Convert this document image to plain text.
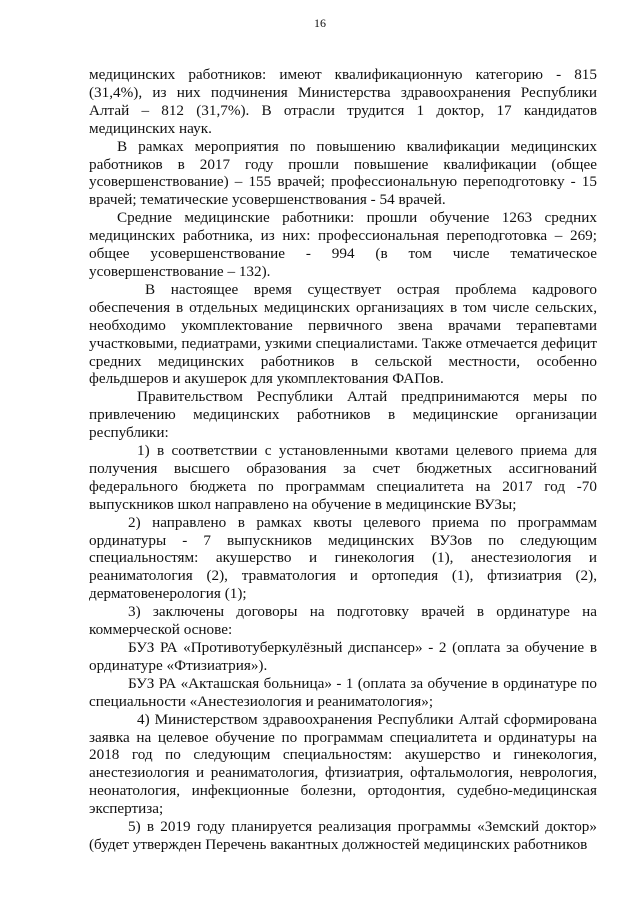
16

медицинских работников: имеют квалификационную категорию - 815 (31,4%), из них подчинения Министерства здравоохранения Республики Алтай – 812 (31,7%). В отрасли трудится 1 доктор, 17 кандидатов медицинских наук.

В рамках мероприятия по повышению квалификации медицинских работников в 2017 году прошли повышение квалификации (общее усовершенствование) – 155 врачей; профессиональную переподготовку - 15 врачей; тематические усовершенствования - 54 врачей.

Средние медицинские работники: прошли обучение 1263 средних медицинских работника, из них: профессиональная переподготовка – 269; общее усовершенствование - 994 (в том числе тематическое усовершенствование – 132).

В настоящее время существует острая проблема кадрового обеспечения в отдельных медицинских организациях в том числе сельских, необходимо укомплектование первичного звена врачами терапевтами участковыми, педиатрами, узкими специалистами. Также отмечается дефицит средних медицинских работников в сельской местности, особенно фельдшеров и акушерок для укомплектования ФАПов.

Правительством Республики Алтай предпринимаются меры по привлечению медицинских работников в медицинские организации республики:

1) в соответствии с установленными квотами целевого приема для получения высшего образования за счет бюджетных ассигнований федерального бюджета по программам специалитета на 2017 год -70 выпускников школ направлено на обучение в медицинские ВУЗы;

2) направлено в рамках квоты целевого приема по программам ординатуры - 7 выпускников медицинских ВУЗов по следующим специальностям: акушерство и гинекология (1), анестезиология и реаниматология (2), травматология и ортопедия (1), фтизиатрия (2), дерматовенерология (1);

3) заключены договоры на подготовку врачей в ординатуре на коммерческой основе:

БУЗ РА «Противотуберкулёзный диспансер» - 2 (оплата за обучение в ординатуре «Фтизиатрия»).

БУЗ РА «Акташская больница» - 1 (оплата за обучение в ординатуре по специальности «Анестезиология и реаниматология»;

4) Министерством здравоохранения Республики Алтай сформирована заявка на целевое обучение по программам специалитета и ординатуры на 2018 год по следующим специальностям: акушерство и гинекология, анестезиология и реаниматология, фтизиатрия, офтальмология, неврология, неонатология, инфекционные болезни, ортодонтия, судебно-медицинская экспертиза;

5) в 2019 году планируется реализация программы «Земский доктор» (будет утвержден Перечень вакантных должностей медицинских работников
